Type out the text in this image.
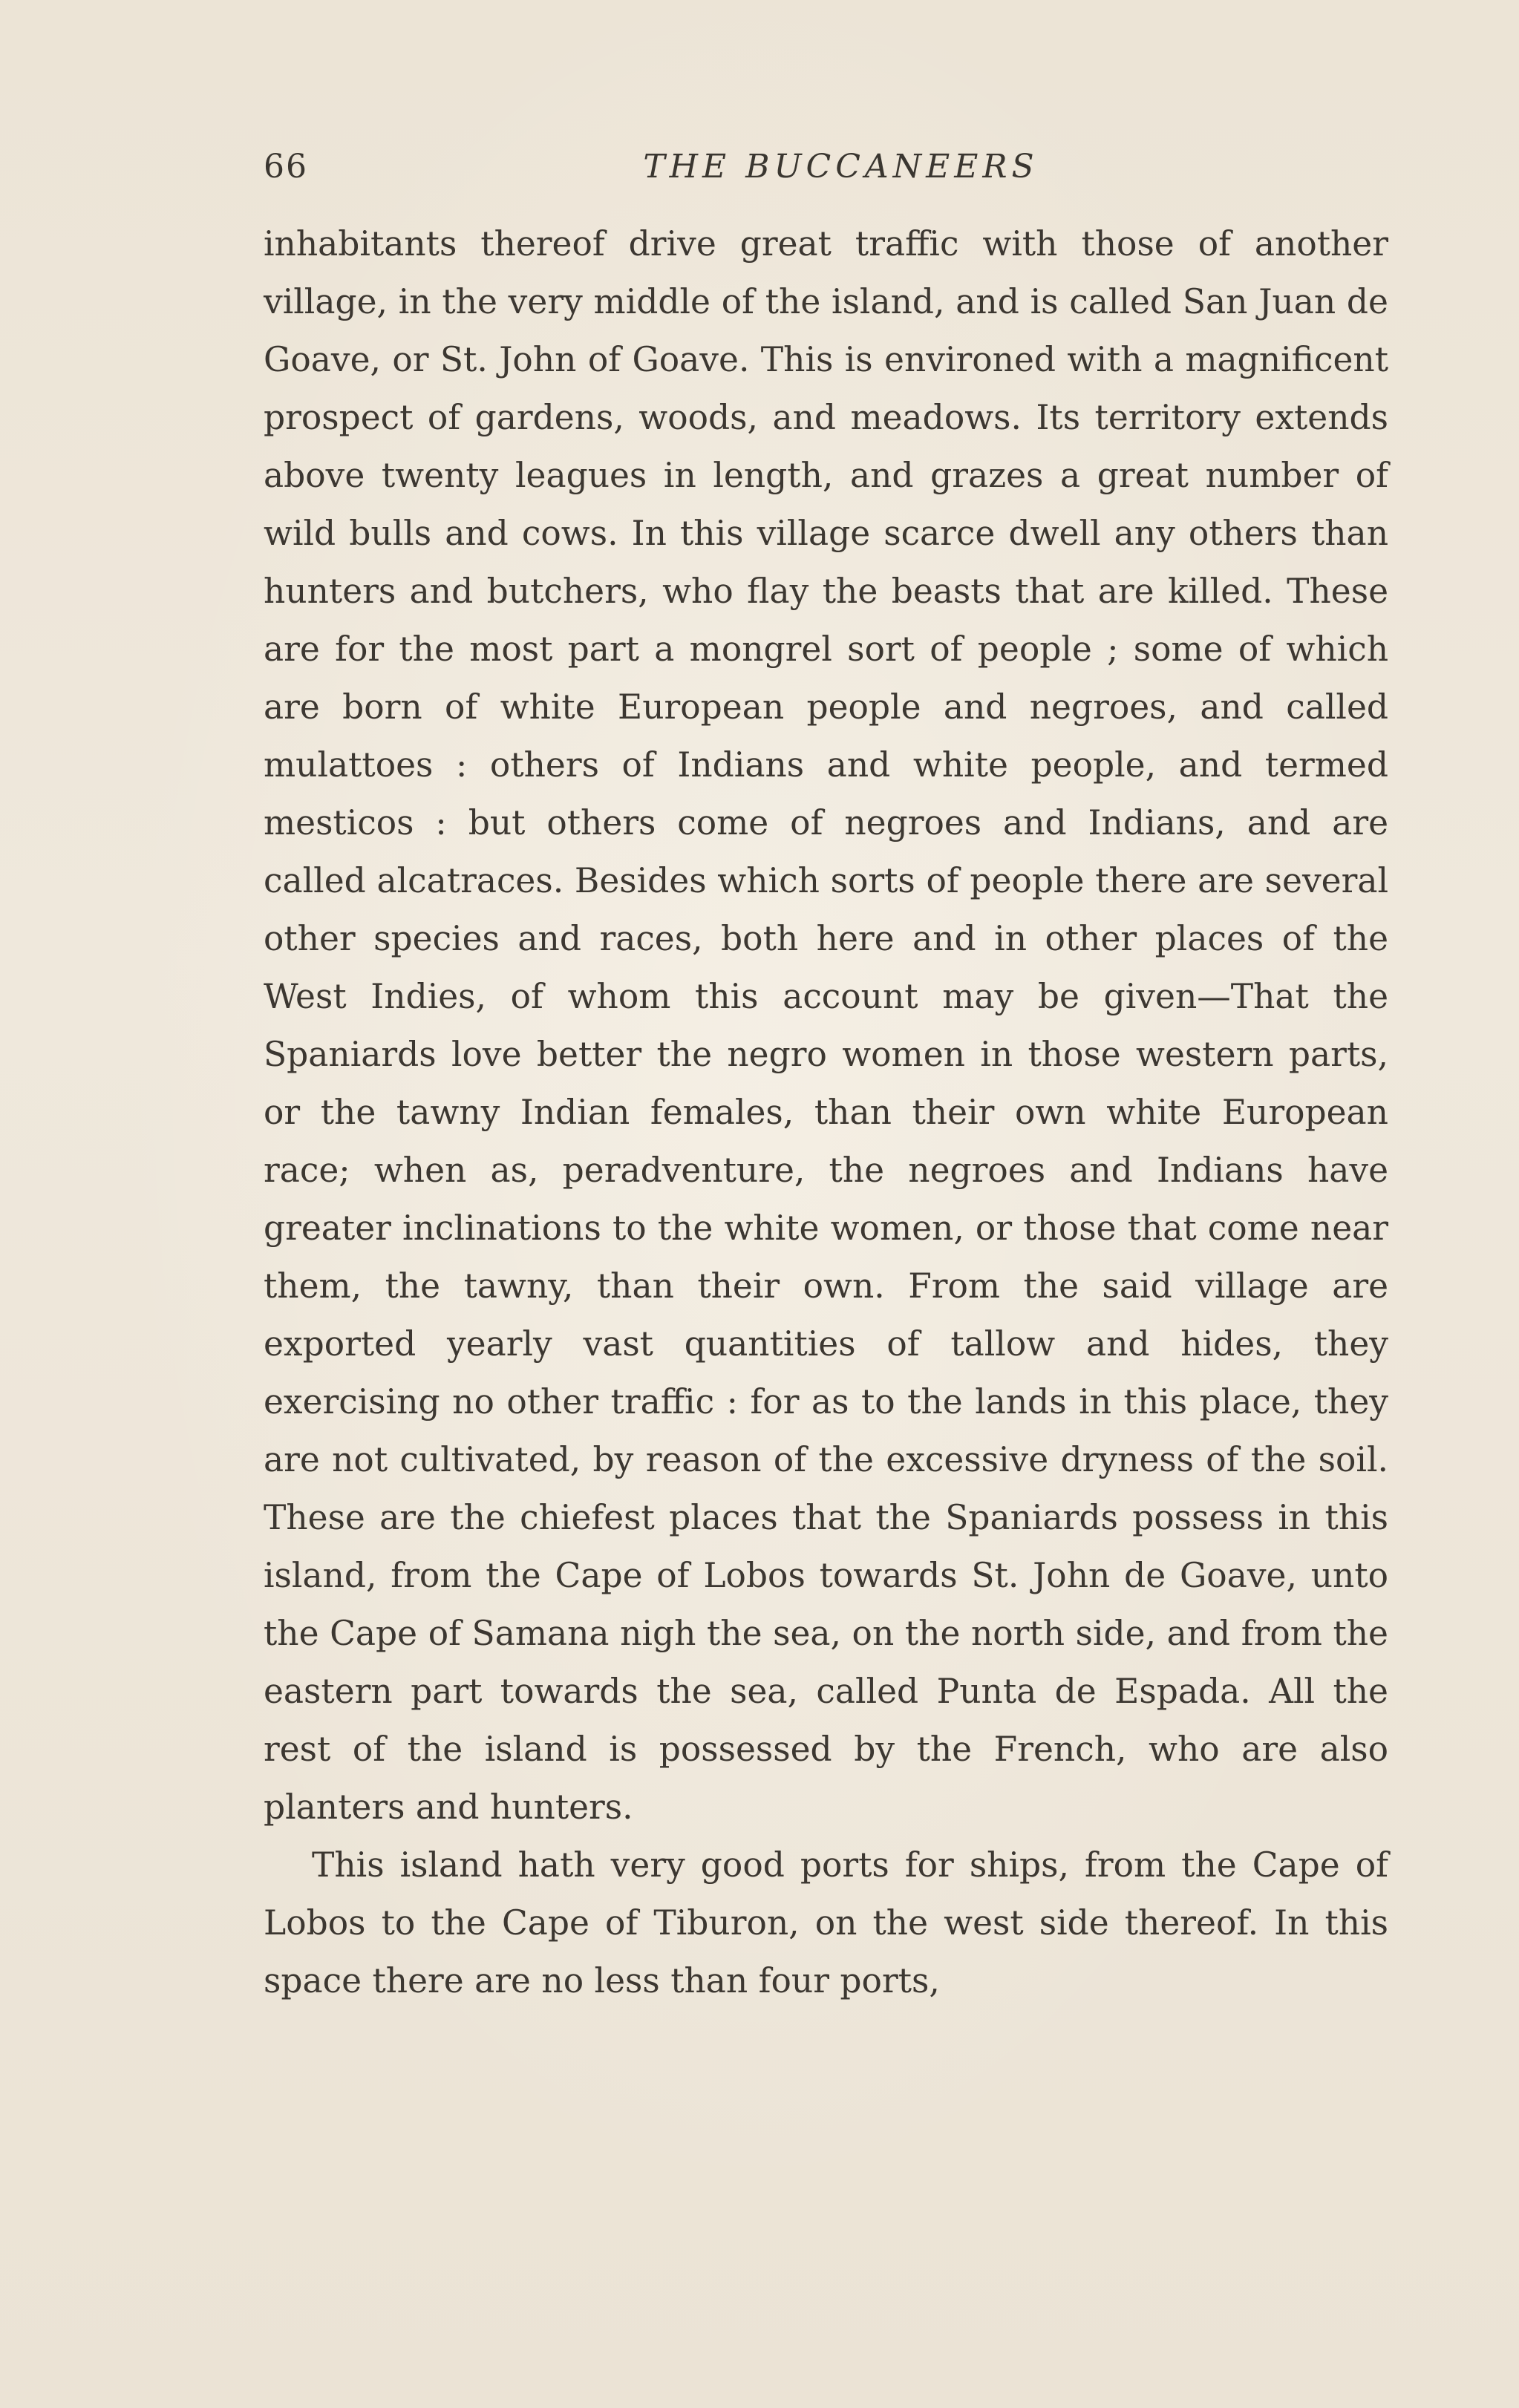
66	THE BUCCANEERS

inhabitants thereof drive great traffic with those of another village, in the very middle of the island, and is called San Juan de Goave, or St. John of Goave. This is environed with a magnificent prospect of gardens, woods, and meadows. Its territory extends above twenty leagues in length, and grazes a great number of wild bulls and cows. In this village scarce dwell any others than hunters and butchers, who flay the beasts that are killed. These are for the most part a mongrel sort of people ; some of which are born of white European people and negroes, and called mulattoes : others of Indians and white people, and termed mesticos : but others come of negroes and Indians, and are called alcatraces. Besides which sorts of people there are several other species and races, both here and in other places of the West Indies, of whom this account may be given—That the Spaniards love better the negro women in those western parts, or the tawny Indian females, than their own white European race; when as, peradventure, the negroes and Indians have greater inclinations to the white women, or those that come near them, the tawny, than their own. From the said village are exported yearly vast quantities of tallow and hides, they exercising no other traffic : for as to the lands in this place, they are not cultivated, by reason of the excessive dryness of the soil. These are the chiefest places that the Spaniards possess in this island, from the Cape of Lobos towards St. John de Goave, unto the Cape of Samana nigh the sea, on the north side, and from the eastern part towards the sea, called Punta de Espada. All the rest of the island is possessed by the French, who are also planters and hunters.

This island hath very good ports for ships, from the Cape of Lobos to the Cape of Tiburon, on the west side thereof. In this space there are no less than four ports,
